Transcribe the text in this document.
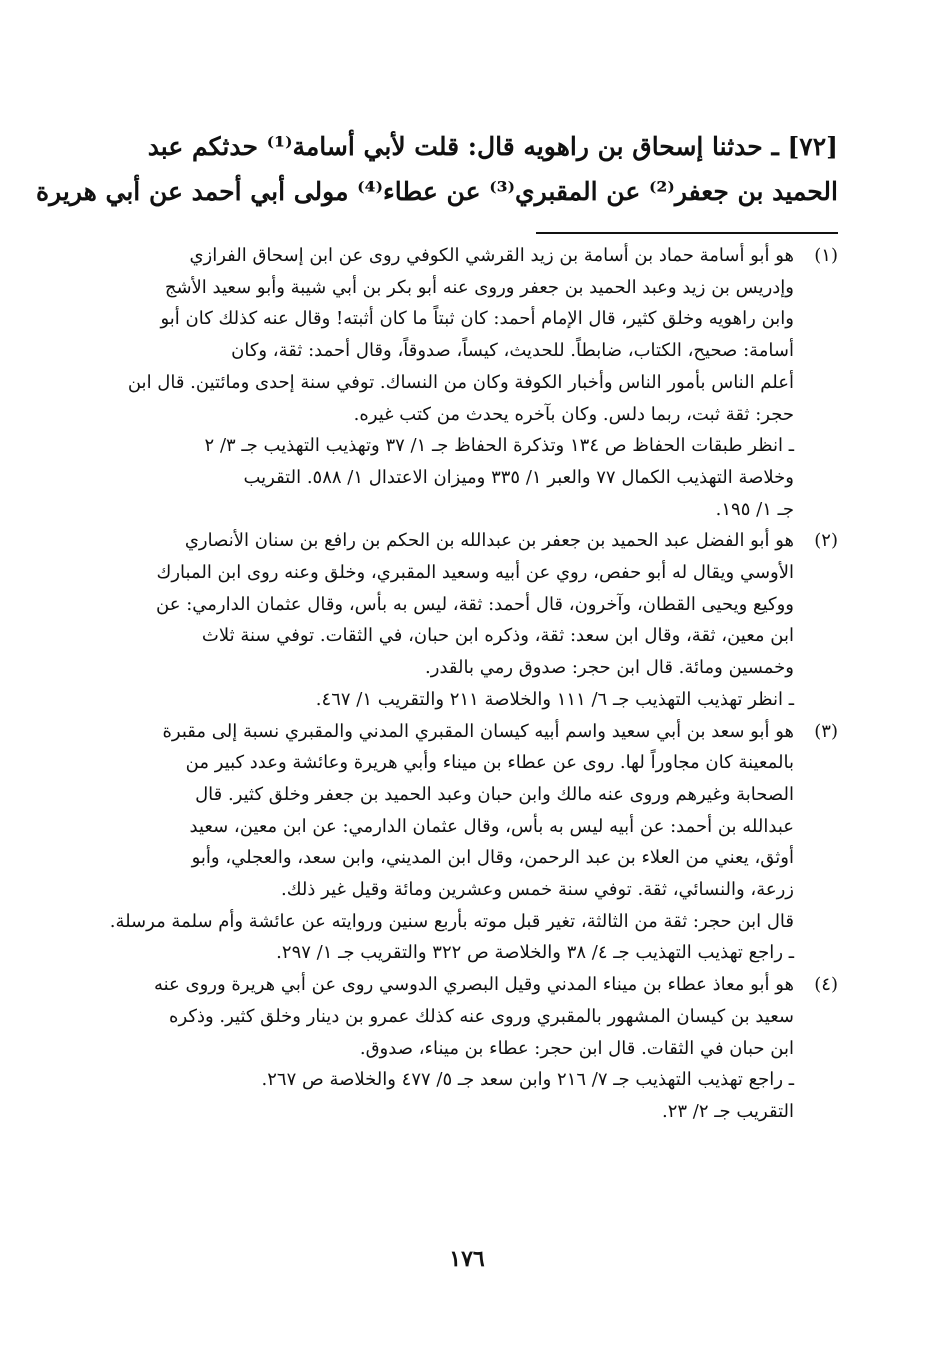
[٧٢] ـ حدثنا إسحاق بن راهويه قال: قلت لأبي أسامة⁽¹⁾ حدثكم عبد
الحميد بن جعفر⁽²⁾ عن المقبري⁽³⁾ عن عطاء⁽⁴⁾ مولى أبي أحمد عن أبي هريرة
(١)

هو أبو أسامة حماد بن أسامة بن زيد القرشي الكوفي روى عن ابن إسحاق الفرازي
وإدريس بن زيد وعبد الحميد بن جعفر وروى عنه أبو بكر بن أبي شيبة وأبو سعيد الأشج
وابن راهويه وخلق كثير، قال الإمام أحمد: كان ثبتاً ما كان أثبته! وقال عنه كذلك كان أبو
أسامة: صحيح، الكتاب، ضابطاً. للحديث، كيساً، صدوقاً، وقال أحمد: ثقة، وكان
أعلم الناس بأمور الناس وأخبار الكوفة وكان من النساك. توفي سنة إحدى ومائتين. قال ابن
حجر: ثقة ثبت، ربما دلس. وكان بآخره يحدث من كتب غيره.

ـ انظر طبقات الحفاظ ص ١٣٤ وتذكرة الحفاظ جـ ١/ ٣٧ وتهذيب التهذيب جـ ٣/ ٢
وخلاصة التهذيب الكمال ٧٧ والعبر ١/ ٣٣٥ وميزان الاعتدال ١/ ٥٨٨. التقريب
جـ ١/ ١٩٥.

(٢)

هو أبو الفضل عبد الحميد بن جعفر بن عبدالله بن الحكم بن رافع بن سنان الأنصاري
الأوسي ويقال له أبو حفص، روي عن أبيه وسعيد المقبري، وخلق وعنه روى ابن المبارك
ووكيع ويحيى القطان، وآخرون، قال أحمد: ثقة، ليس به بأس، وقال عثمان الدارمي: عن
ابن معين، ثقة، وقال ابن سعد: ثقة، وذكره ابن حبان، في الثقات. توفي سنة ثلاث
وخمسين ومائة. قال ابن حجر: صدوق رمي بالقدر.

ـ انظر تهذيب التهذيب جـ ٦/ ١١١ والخلاصة ٢١١ والتقريب ١/ ٤٦٧.

(٣)

هو أبو سعد بن أبي سعيد واسم أبيه كيسان المقبري المدني والمقبري نسبة إلى مقبرة
بالمعينة كان مجاوراً لها. روى عن عطاء بن ميناء وأبي هريرة وعائشة وعدد كبير من
الصحابة وغيرهم وروى عنه مالك وابن حبان وعبد الحميد بن جعفر وخلق كثير. قال
عبدالله بن أحمد: عن أبيه ليس به بأس، وقال عثمان الدارمي: عن ابن معين، سعيد
أوثق، يعني من العلاء بن عبد الرحمن، وقال ابن المديني، وابن سعد، والعجلي، وأبو
زرعة، والنسائي، ثقة. توفي سنة خمس وعشرين ومائة وقيل غير ذلك.

قال ابن حجر: ثقة من الثالثة، تغير قبل موته بأربع سنين وروايته عن عائشة وأم سلمة مرسلة.
ـ راجع تهذيب التهذيب جـ ٤/ ٣٨ والخلاصة ص ٣٢٢ والتقريب جـ ١/ ٢٩٧.

(٤)

هو أبو معاذ عطاء بن ميناء المدني وقيل البصري الدوسي روى عن أبي هريرة وروى عنه
سعيد بن كيسان المشهور بالمقبري وروى عنه كذلك عمرو بن دينار وخلق كثير. وذكره
ابن حبان في الثقات. قال ابن حجر: عطاء بن ميناء، صدوق.

ـ راجع تهذيب التهذيب جـ ٧/ ٢١٦ وابن سعد جـ ٥/ ٤٧٧ والخلاصة ص ٢٦٧.
التقريب جـ ٢/ ٢٣.

١٧٦
